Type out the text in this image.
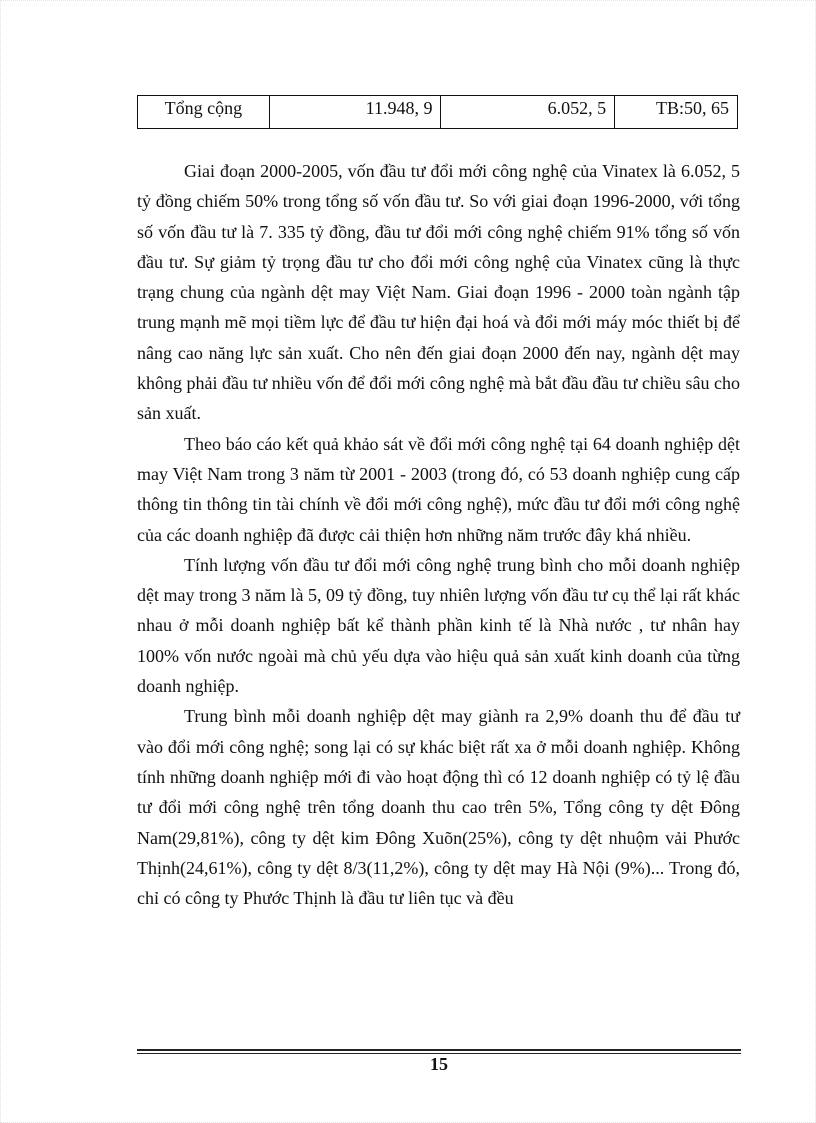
Tổng cộng	11.948, 9	6.052, 5	TB:50, 65

Giai đoạn 2000-2005, vốn đầu tư đổi mới công nghệ của Vinatex là 6.052, 5 tỷ đồng chiếm 50% trong tổng số vốn đầu tư. So với giai đoạn 1996-2000, với tổng số vốn đầu tư là 7. 335 tỷ đồng, đầu tư đổi mới công nghệ chiếm 91% tổng số vốn đầu tư. Sự giảm tỷ trọng đầu tư cho đổi mới công nghệ của Vinatex cũng là thực trạng chung của ngành dệt may Việt Nam. Giai đoạn 1996 - 2000 toàn ngành tập trung mạnh mẽ mọi tiềm lực để đầu tư hiện đại hoá và đổi mới máy móc thiết bị để nâng cao năng lực sản xuất. Cho nên đến giai đoạn 2000 đến nay, ngành dệt may không phải đầu tư nhiều vốn để đổi mới công nghệ mà bắt đầu đầu tư chiều sâu cho sản xuất.

Theo báo cáo kết quả khảo sát về đổi mới công nghệ tại 64 doanh nghiệp dệt may Việt Nam trong 3 năm từ 2001 - 2003 (trong đó, có 53 doanh nghiệp cung cấp thông tin thông tin tài chính về đổi mới công nghệ), mức đầu tư đổi mới công nghệ của các doanh nghiệp đã được cải thiện hơn những năm trước đây khá nhiều.

Tính lượng vốn đầu tư đổi mới công nghệ trung bình cho mỗi doanh nghiệp dệt may trong 3 năm là 5, 09 tỷ đồng, tuy nhiên lượng vốn đầu tư cụ thể lại rất khác nhau ở mỗi doanh nghiệp bất kể thành phần kinh tế là Nhà nước , tư nhân hay 100% vốn nước ngoài mà chủ yếu dựa vào hiệu quả sản xuất kinh doanh của từng doanh nghiệp.

Trung bình mỗi doanh nghiệp dệt may giành ra 2,9% doanh thu để đầu tư vào đổi mới công nghệ; song lại có sự khác biệt rất xa ở mỗi doanh nghiệp. Không tính những doanh nghiệp mới đi vào hoạt động thì có 12 doanh nghiệp có tỷ lệ đầu tư đổi mới công nghệ trên tổng doanh thu cao trên 5%, Tổng công ty dệt Đông Nam(29,81%), công ty dệt kim Đông Xuõn(25%), công ty dệt nhuộm vải Phước Thịnh(24,61%), công ty dệt 8/3(11,2%), công ty dệt may Hà Nội (9%)... Trong đó, chỉ có công ty Phước Thịnh là đầu tư liên tục và đều

15
